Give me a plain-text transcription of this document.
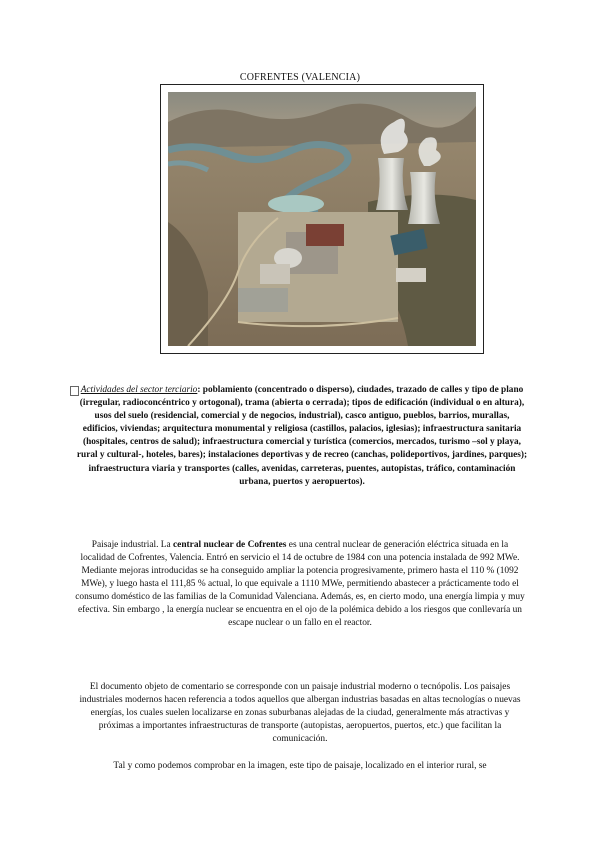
COFRENTES (VALENCIA)
Actividades del sector terciario: poblamiento (concentrado o disperso), ciudades, trazado de calles y tipo de plano (irregular, radioconcéntrico y ortogonal), trama (abierta o cerrada); tipos de edificación (individual o en altura), usos del suelo (residencial, comercial y de negocios, industrial), casco antiguo, pueblos, barrios, murallas, edificios, viviendas; arquitectura monumental y religiosa (castillos, palacios, iglesias); infraestructura sanitaria (hospitales, centros de salud); infraestructura comercial y turística (comercios, mercados, turismo –sol y playa, rural y cultural-, hoteles, bares); instalaciones deportivas y de recreo (canchas, polideportivos, jardines, parques); infraestructura viaria y transportes (calles, avenidas, carreteras, puentes, autopistas, tráfico, contaminación urbana, puertos y aeropuertos).
Paisaje industrial. La central nuclear de Cofrentes es una central nuclear de generación eléctrica situada en la localidad de Cofrentes, Valencia. Entró en servicio el 14 de octubre de 1984 con una potencia instalada de 992 MWe. Mediante mejoras introducidas se ha conseguido ampliar la potencia progresivamente, primero hasta el 110 % (1092 MWe), y luego hasta el 111,85 % actual, lo que equivale a 1110 MWe, permitiendo abastecer a prácticamente todo el consumo doméstico de las familias de la Comunidad Valenciana. Además, es, en cierto modo, una energía limpia y muy efectiva. Sin embargo , la energía nuclear se encuentra en el ojo de la polémica debido a los riesgos que conllevaría un escape nuclear o un fallo en el reactor.
El documento objeto de comentario se corresponde con un paisaje industrial moderno o tecnópolis. Los paisajes industriales modernos hacen referencia a todos aquellos que albergan industrias basadas en altas tecnologías o nuevas energías, los cuales suelen localizarse en zonas suburbanas alejadas de la ciudad, generalmente más atractivas y próximas a importantes infraestructuras de transporte (autopistas, aeropuertos, puertos, etc.) que facilitan la comunicación.
Tal y como podemos comprobar en la imagen, este tipo de paisaje, localizado en el interior rural, se
